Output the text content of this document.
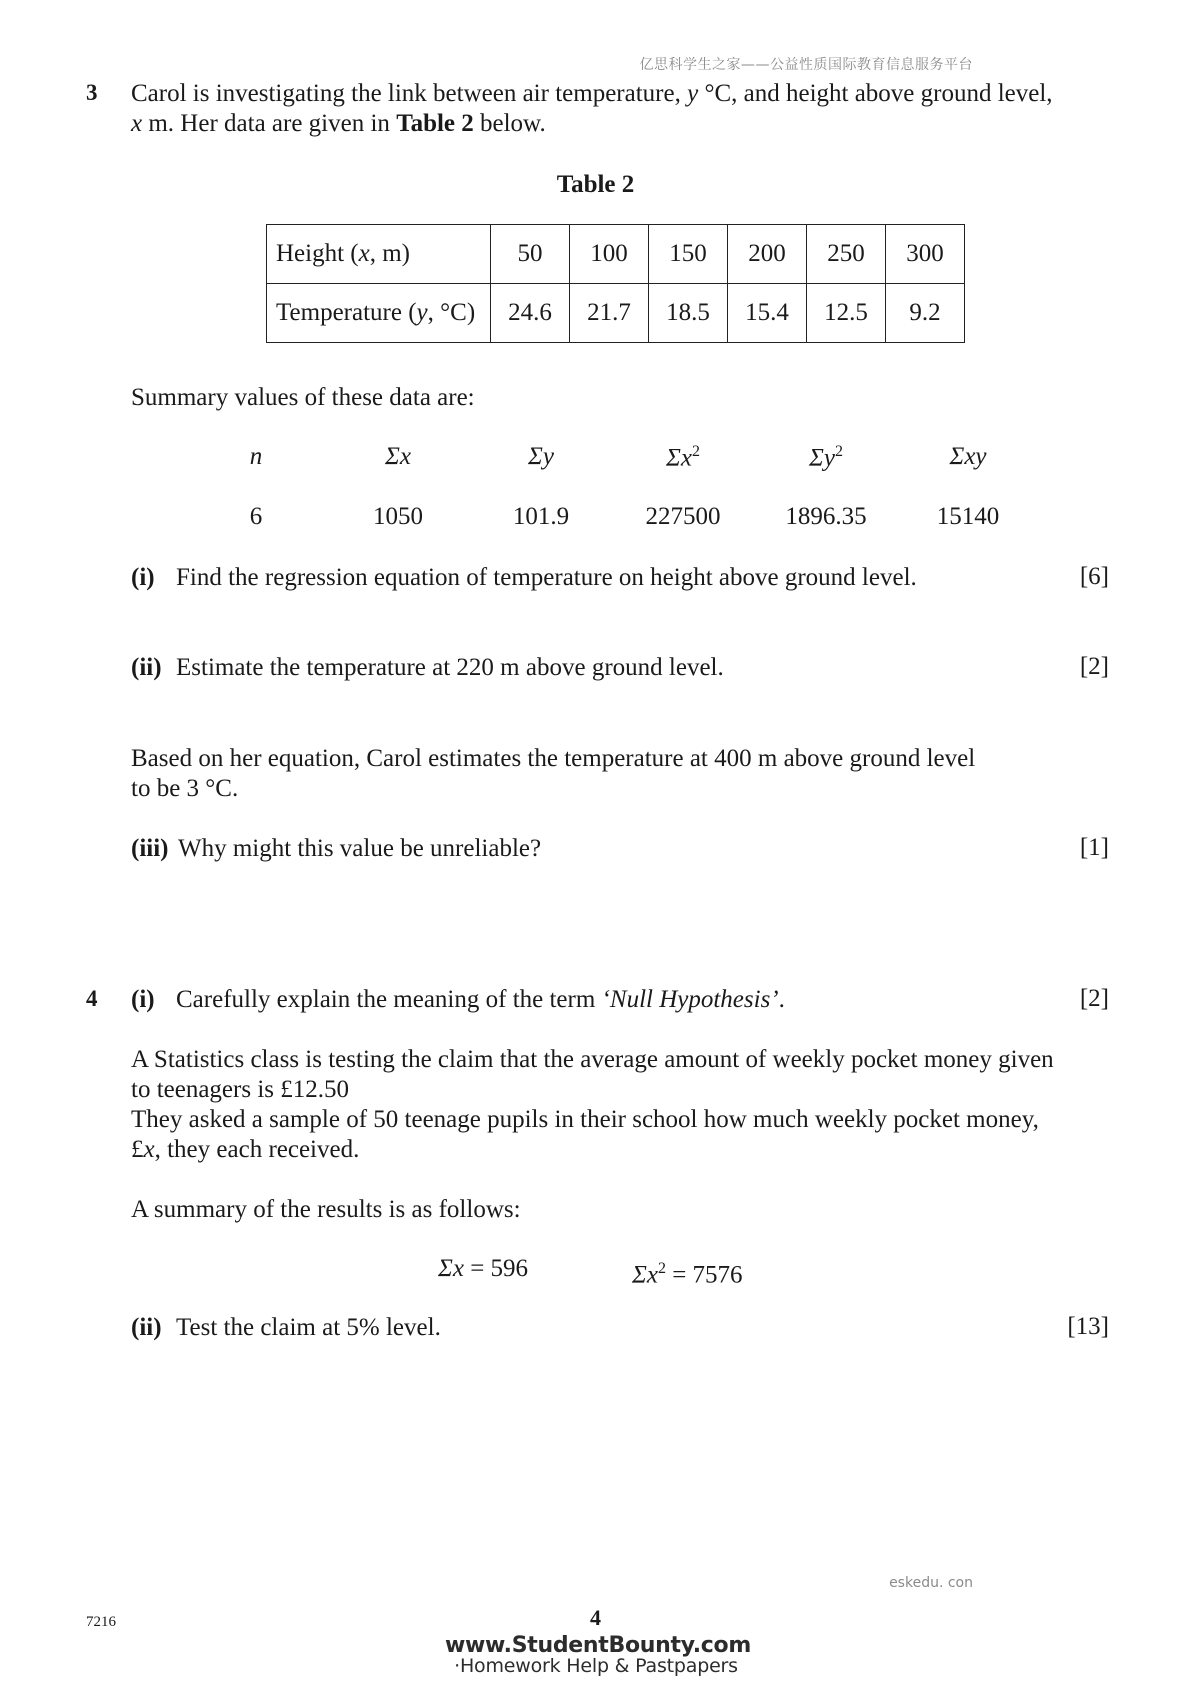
亿思科学生之家——公益性质国际教育信息服务平台
3 Carol is investigating the link between air temperature, y °C, and height above ground level,
x m. Her data are given in Table 2 below.
Table 2
Height (x, m)	50	100	150	200	250	300
Temperature (y, °C)	24.6	21.7	18.5	15.4	12.5	9.2
Summary values of these data are:
n	Σx	Σy	$\Sigma x^2$	$\Sigma y^2$	Σxy
6	1050	101.9	227500	1896.35	15140
(i) Find the regression equation of temperature on height above ground level.	[6]
(ii) Estimate the temperature at 220 m above ground level.	[2]
Based on her equation, Carol estimates the temperature at 400 m above ground level
to be 3 °C.
(iii) Why might this value be unreliable?	[1]
4 (i) Carefully explain the meaning of the term ‘Null Hypothesis’.	[2]
A Statistics class is testing the claim that the average amount of weekly pocket money given
to teenagers is £12.50
They asked a sample of 50 teenage pupils in their school how much weekly pocket money,
£x, they each received.
A summary of the results is as follows:
Σx = 596	$\Sigma x^2 = 7576$
(ii) Test the claim at 5% level.	[13]
eskedu. con
7216	4
www.StudentBounty.com
·Homework Help & Pastpapers
